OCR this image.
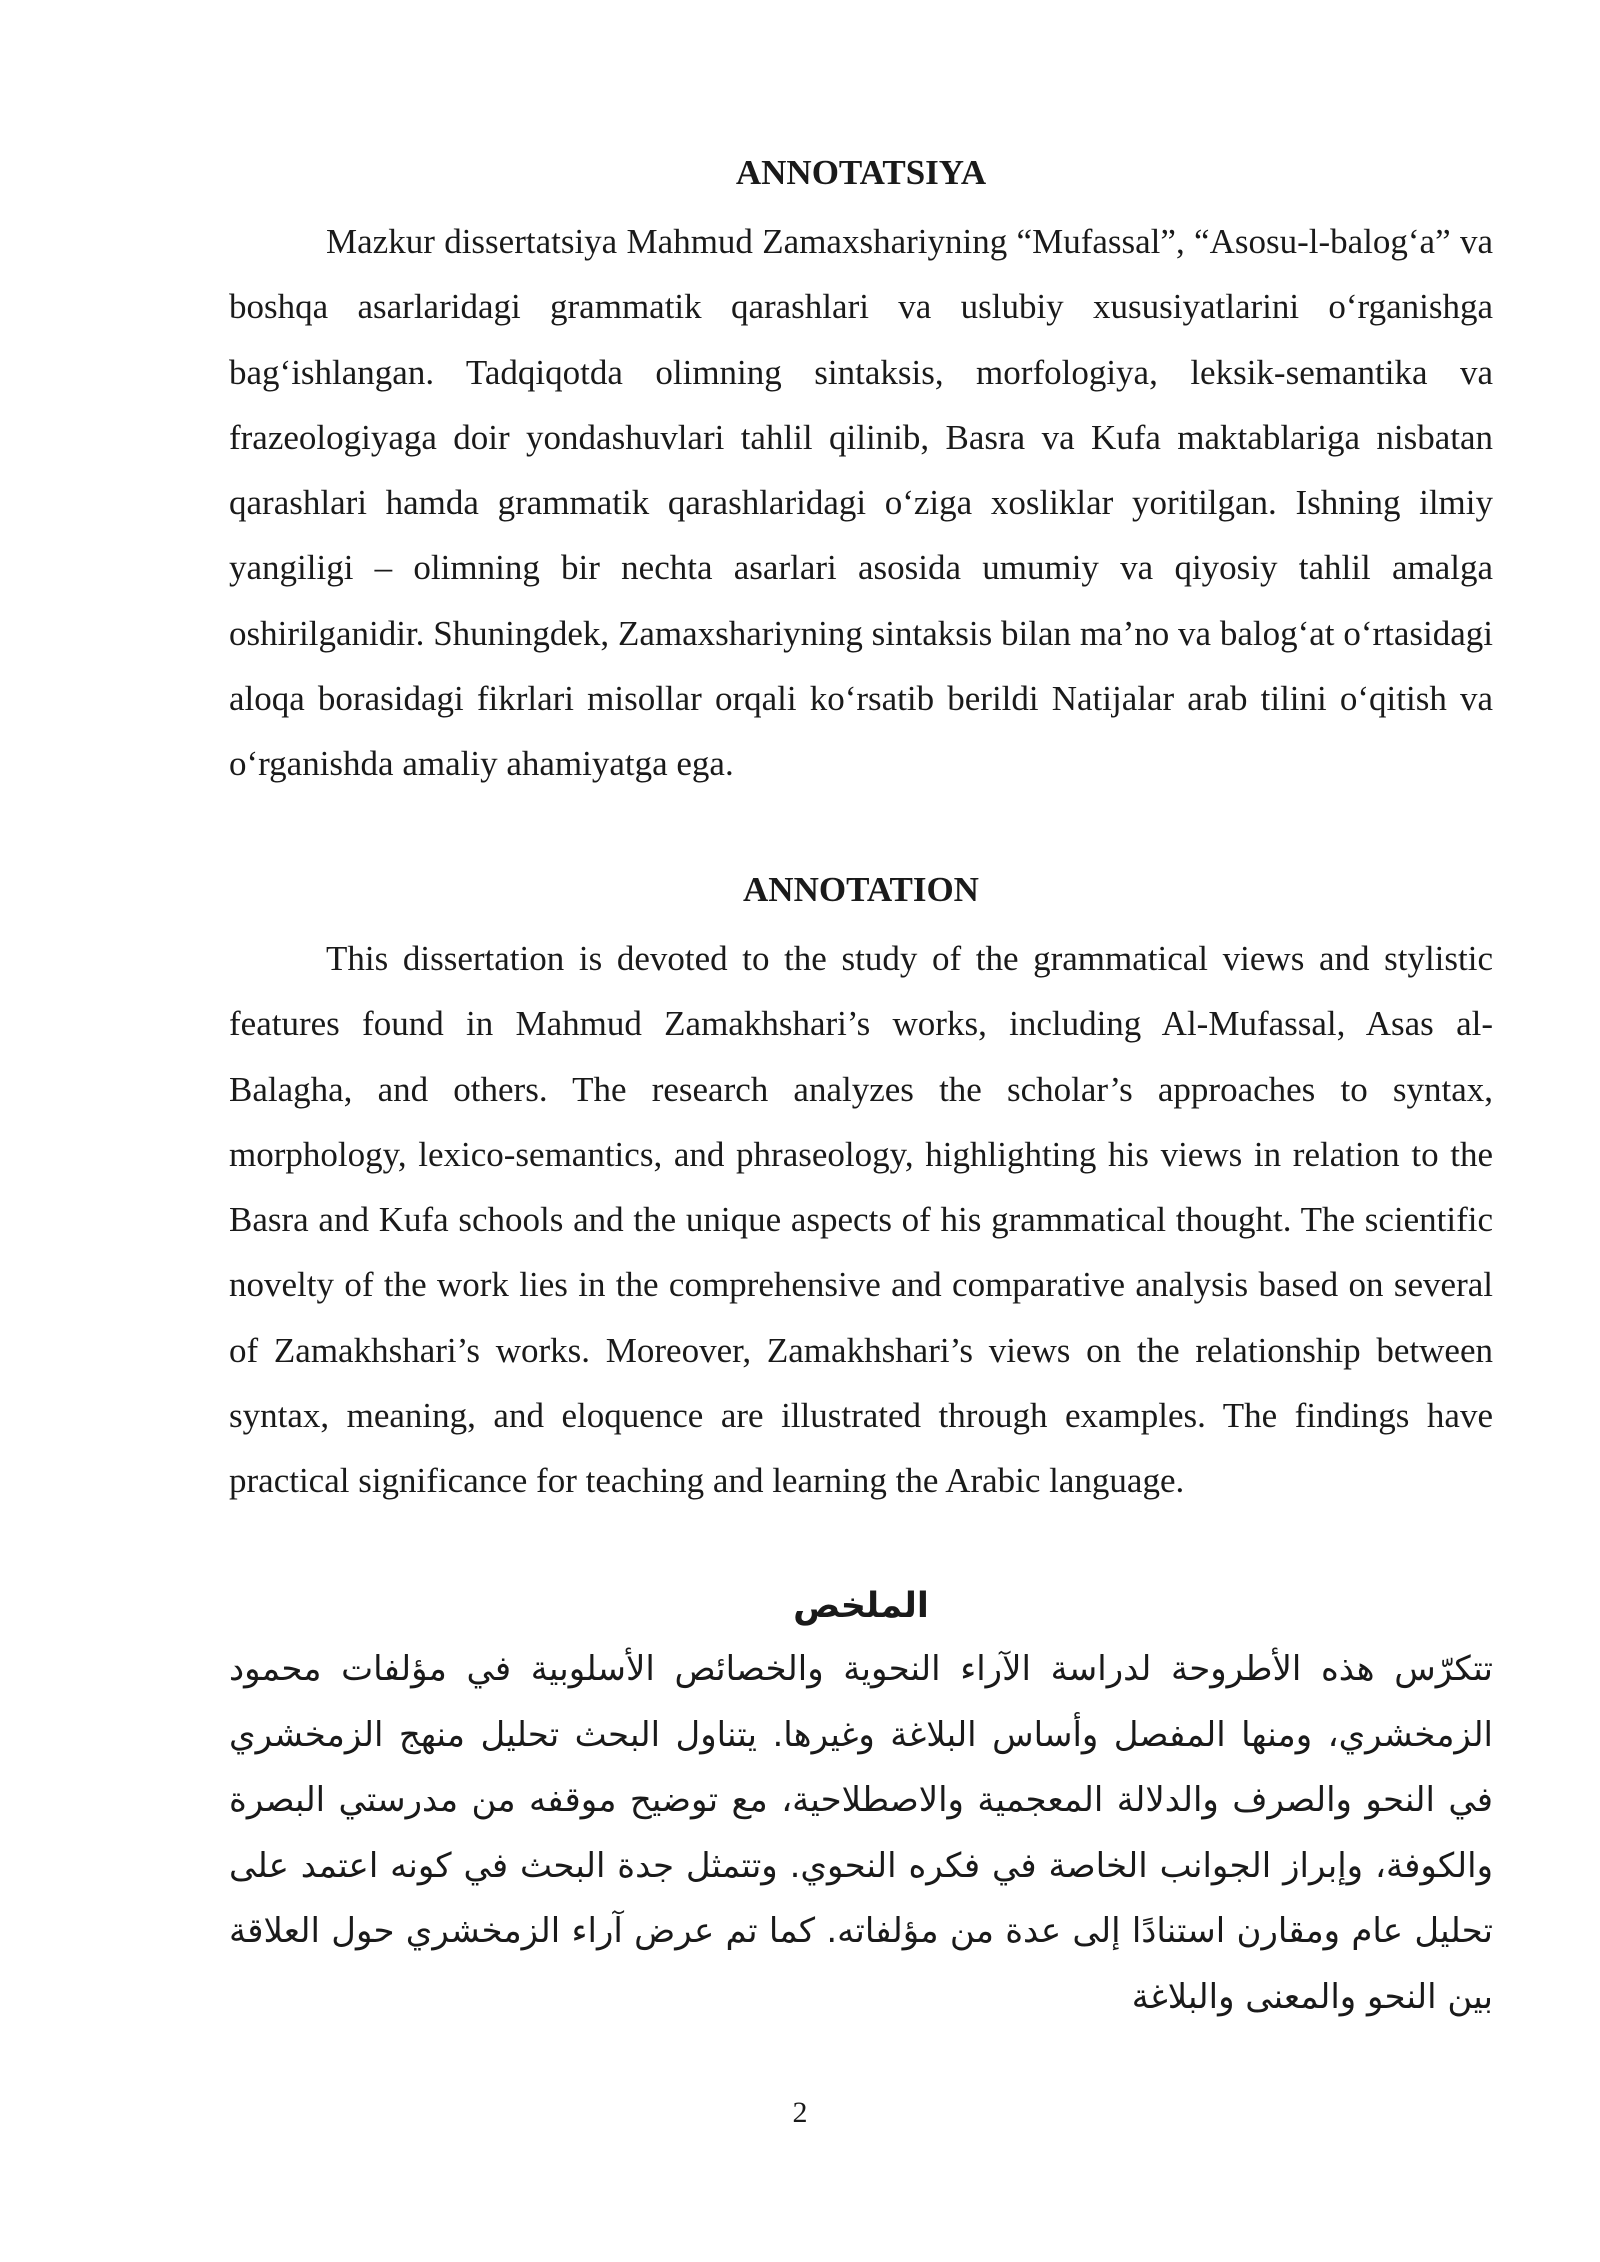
ANNOTATSIYA

Mazkur dissertatsiya Mahmud Zamaxshariyning “Mufassal”, “Asosu-l-balog‘a” va boshqa asarlaridagi grammatik qarashlari va uslubiy xususiyatlarini o‘rganishga bag‘ishlangan. Tadqiqotda olimning sintaksis, morfologiya, leksik-semantika va frazeologiyaga doir yondashuvlari tahlil qilinib, Basra va Kufa maktablariga nisbatan qarashlari hamda grammatik qarashlaridagi o‘ziga xosliklar yoritilgan. Ishning ilmiy yangiligi – olimning bir nechta asarlari asosida umumiy va qiyosiy tahlil amalga oshirilganidir. Shuningdek, Zamaxshariyning sintaksis bilan ma’no va balog‘at o‘rtasidagi aloqa borasidagi fikrlari misollar orqali ko‘rsatib berildi Natijalar arab tilini o‘qitish va o‘rganishda amaliy ahamiyatga ega.

ANNOTATION

This dissertation is devoted to the study of the grammatical views and stylistic features found in Mahmud Zamakhshari’s works, including Al-Mufassal, Asas al-Balagha, and others. The research analyzes the scholar’s approaches to syntax, morphology, lexico-semantics, and phraseology, highlighting his views in relation to the Basra and Kufa schools and the unique aspects of his grammatical thought. The scientific novelty of the work lies in the comprehensive and comparative analysis based on several of Zamakhshari’s works. Moreover, Zamakhshari’s views on the relationship between syntax, meaning, and eloquence are illustrated through examples. The findings have practical significance for teaching and learning the Arabic language.

الملخص

تتكرّس هذه الأطروحة لدراسة الآراء النحوية والخصائص الأسلوبية في مؤلفات محمود الزمخشري، ومنها المفصل وأساس البلاغة وغيرها. يتناول البحث تحليل منهج الزمخشري في النحو والصرف والدلالة المعجمية والاصطلاحية، مع توضيح موقفه من مدرستي البصرة والكوفة، وإبراز الجوانب الخاصة في فكره النحوي. وتتمثل جدة البحث في كونه اعتمد على تحليل عام ومقارن استنادًا إلى عدة من مؤلفاته. كما تم عرض آراء الزمخشري حول العلاقة بين النحو والمعنى والبلاغة

2
